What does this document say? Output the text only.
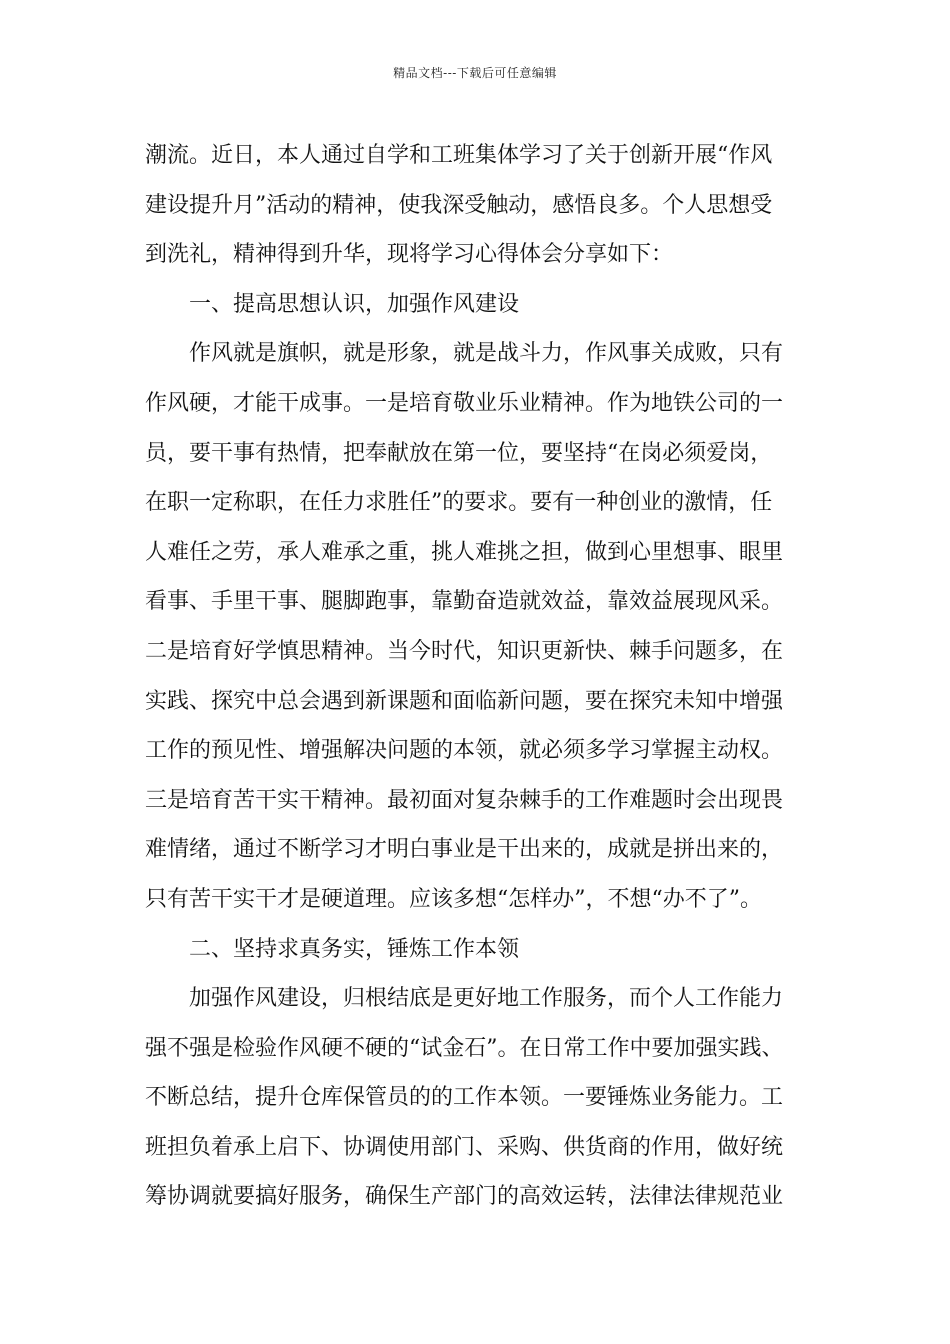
精品文档---下载后可任意编辑
潮流。近日，本人通过自学和工班集体学习了关于创新开展“作风
建设提升月”活动的精神，使我深受触动，感悟良多。个人思想受
到洗礼，精神得到升华，现将学习心得体会分享如下：
一、提高思想认识，加强作风建设
作风就是旗帜，就是形象，就是战斗力，作风事关成败，只有
作风硬，才能干成事。一是培育敬业乐业精神。作为地铁公司的一
员，要干事有热情，把奉献放在第一位，要坚持“在岗必须爱岗，
在职一定称职，在任力求胜任”的要求。要有一种创业的激情，任
人难任之劳，承人难承之重，挑人难挑之担，做到心里想事、眼里
看事、手里干事、腿脚跑事，靠勤奋造就效益，靠效益展现风采。
二是培育好学慎思精神。当今时代，知识更新快、棘手问题多，在
实践、探究中总会遇到新课题和面临新问题，要在探究未知中增强
工作的预见性、增强解决问题的本领，就必须多学习掌握主动权。
三是培育苦干实干精神。最初面对复杂棘手的工作难题时会出现畏
难情绪，通过不断学习才明白事业是干出来的，成就是拼出来的，
只有苦干实干才是硬道理。应该多想“怎样办”，不想“办不了”。
二、坚持求真务实，锤炼工作本领
加强作风建设，归根结底是更好地工作服务，而个人工作能力
强不强是检验作风硬不硬的“试金石”。在日常工作中要加强实践、
不断总结，提升仓库保管员的的工作本领。一要锤炼业务能力。工
班担负着承上启下、协调使用部门、采购、供货商的作用，做好统
筹协调就要搞好服务，确保生产部门的高效运转，法律法律规范业
